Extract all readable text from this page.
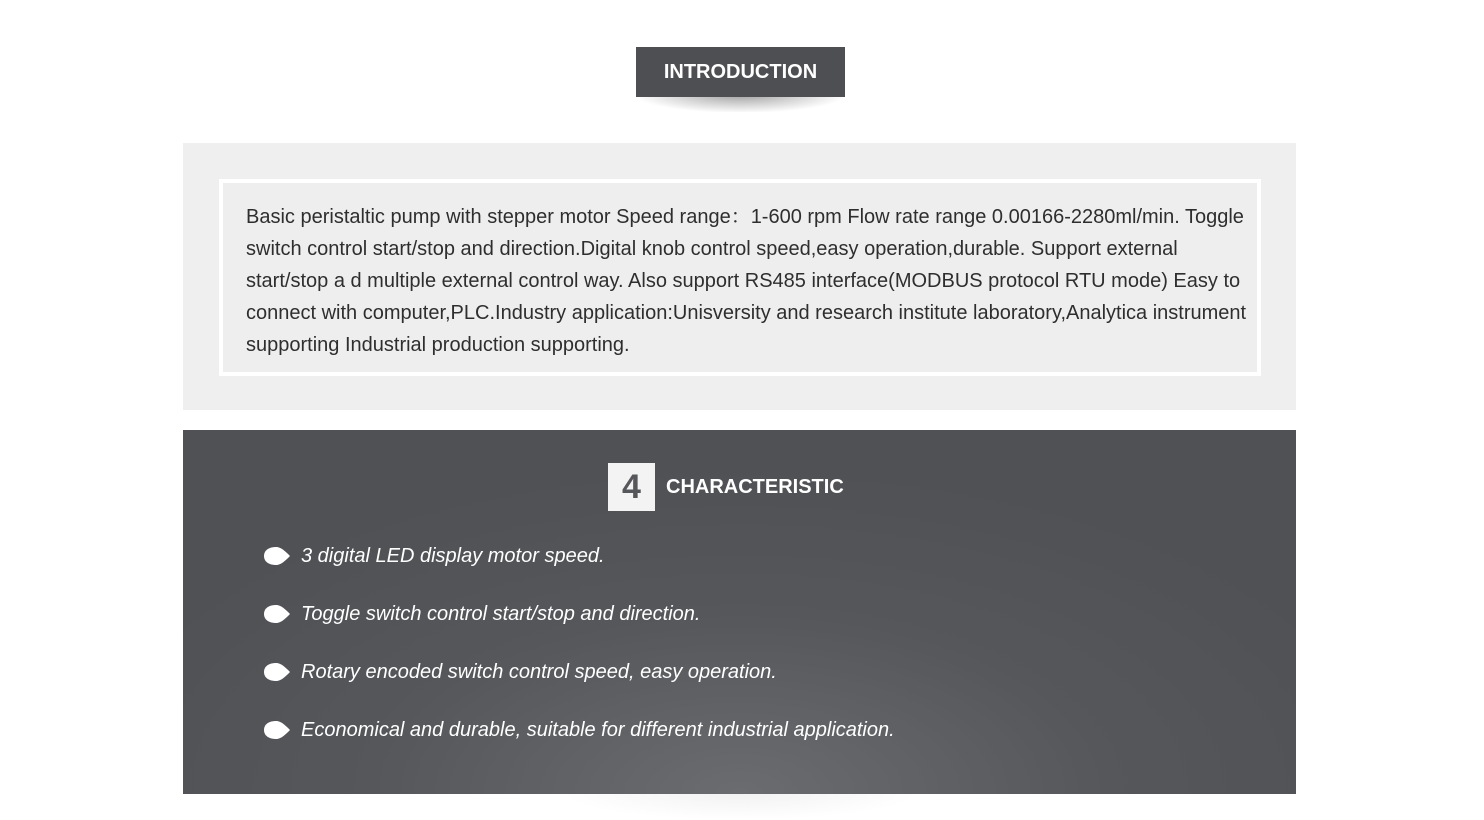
INTRODUCTION

Basic peristaltic pump with stepper motor Speed range：1-600 rpm Flow rate range 0.00166-2280ml/min. Toggle switch control start/stop and direction.Digital knob control speed,easy operation,durable. Support external start/stop a d multiple external control way. Also support RS485 interface(MODBUS protocol RTU mode) Easy to connect with computer,PLC.Industry application:Unisversity and research institute laboratory,Analytica instrument supporting Industrial production supporting.

4	CHARACTERISTIC
3 digital LED display motor speed.
Toggle switch control start/stop and direction.
Rotary encoded switch control speed, easy operation.
Economical and durable, suitable for different industrial application.
